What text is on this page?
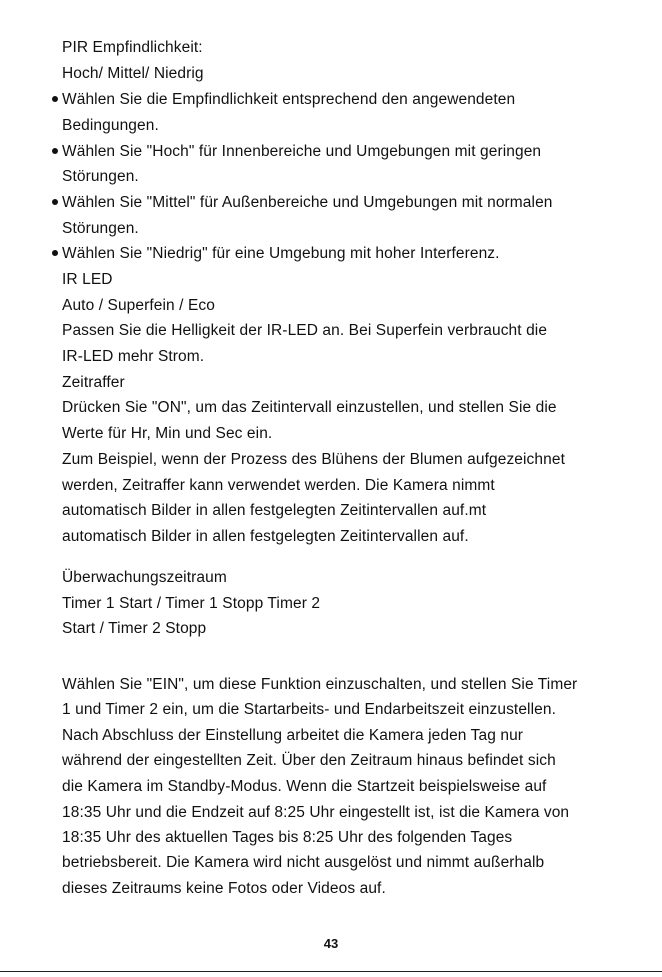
PIR Empfindlichkeit:
Hoch/ Mittel/ Niedrig
Wählen Sie die Empfindlichkeit entsprechend den angewendeten
Bedingungen.
Wählen Sie "Hoch" für Innenbereiche und Umgebungen mit geringen
Störungen.
Wählen Sie "Mittel" für Außenbereiche und Umgebungen mit normalen
Störungen.
Wählen Sie "Niedrig" für eine Umgebung mit hoher Interferenz.
IR LED
Auto / Superfein / Eco
Passen Sie die Helligkeit der IR-LED an. Bei Superfein verbraucht die
IR-LED mehr Strom.
Zeitraffer
Drücken Sie "ON", um das Zeitintervall einzustellen, und stellen Sie die
Werte für Hr, Min und Sec ein.
Zum Beispiel, wenn der Prozess des Blühens der Blumen aufgezeichnet
werden, Zeitraffer kann verwendet werden. Die Kamera nimmt
automatisch Bilder in allen festgelegten Zeitintervallen auf.mt
automatisch Bilder in allen festgelegten Zeitintervallen auf.
Überwachungszeitraum
Timer 1 Start / Timer 1 Stopp Timer 2
Start / Timer 2 Stopp
Wählen Sie "EIN", um diese Funktion einzuschalten, und stellen Sie Timer
1 und Timer 2 ein, um die Startarbeits- und Endarbeitszeit einzustellen.
Nach Abschluss der Einstellung arbeitet die Kamera jeden Tag nur
während der eingestellten Zeit. Über den Zeitraum hinaus befindet sich
die Kamera im Standby-Modus. Wenn die Startzeit beispielsweise auf
18:35 Uhr und die Endzeit auf 8:25 Uhr eingestellt ist, ist die Kamera von
18:35 Uhr des aktuellen Tages bis 8:25 Uhr des folgenden Tages
betriebsbereit. Die Kamera wird nicht ausgelöst und nimmt außerhalb
dieses Zeitraums keine Fotos oder Videos auf.
43
